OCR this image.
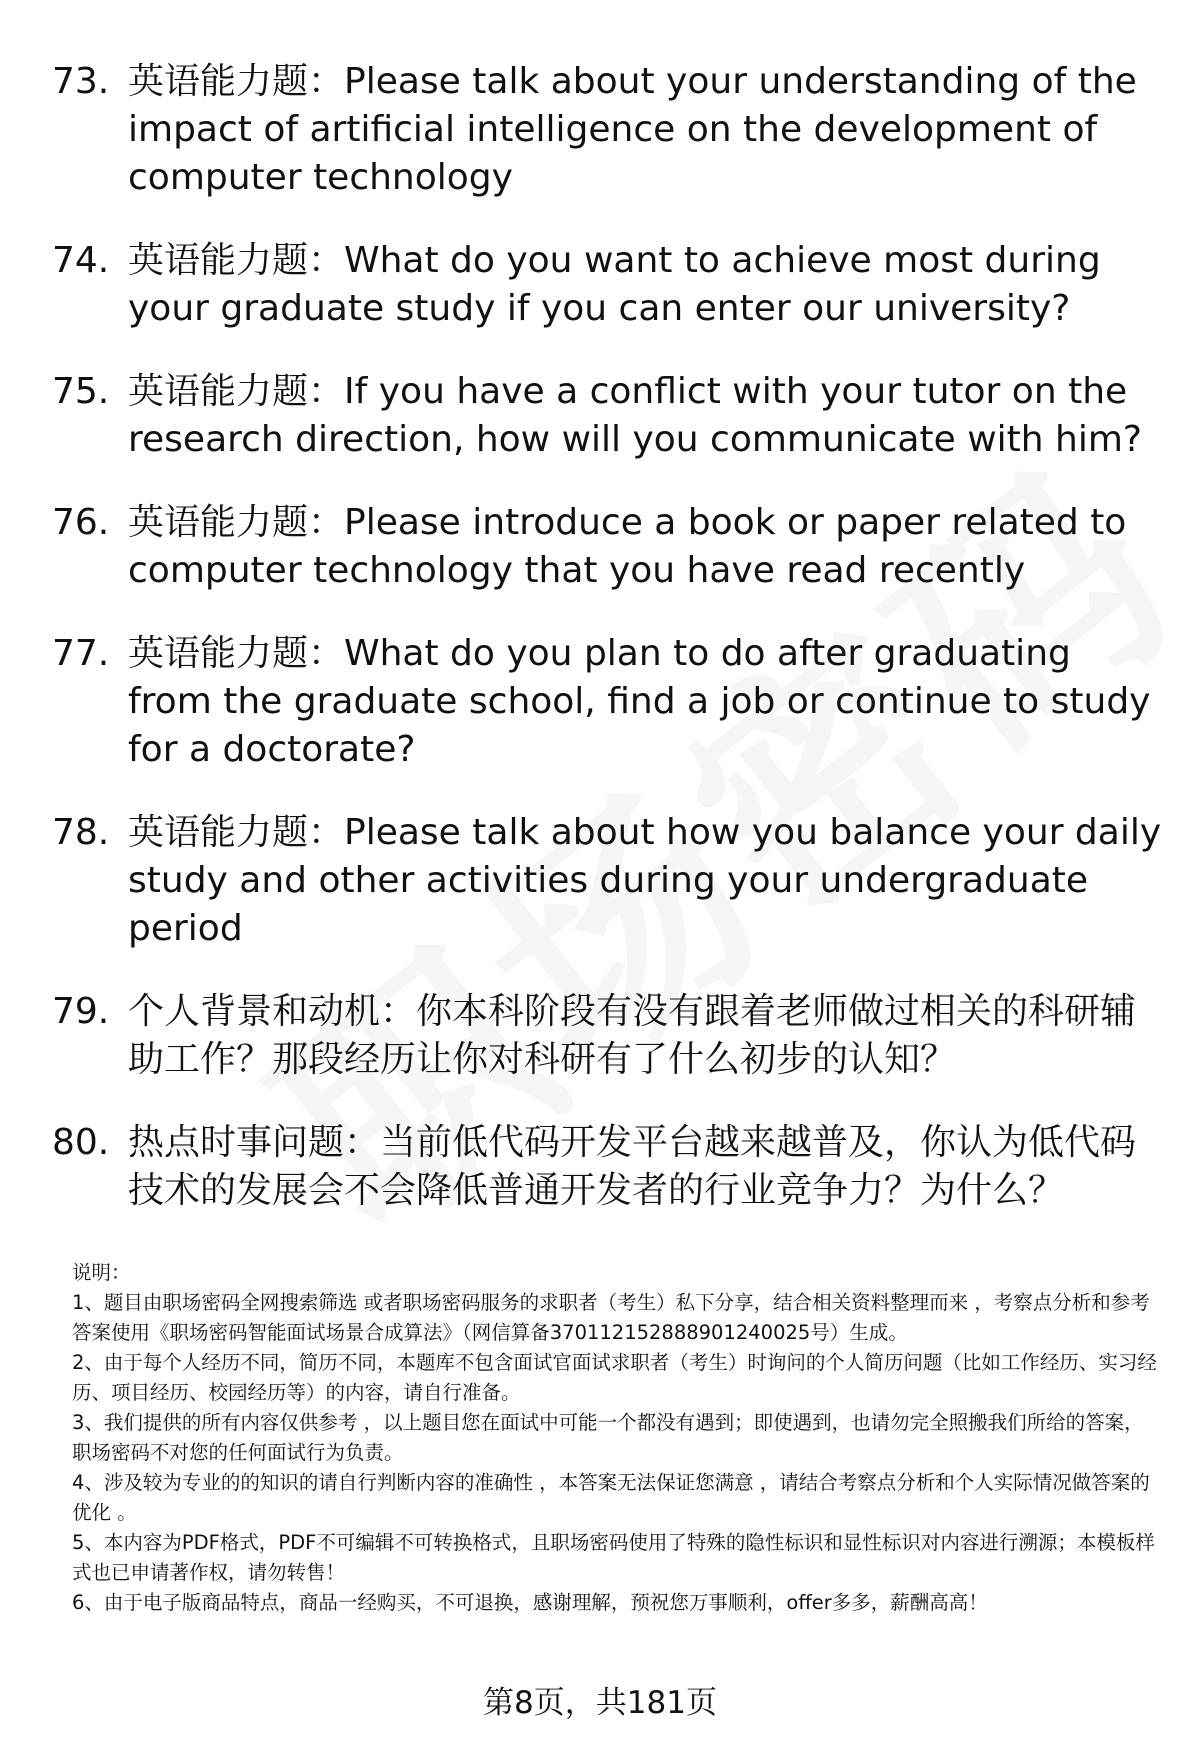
73. 英语能力题：Please talk about your understanding of the impact of artificial intelligence on the development of computer technology
74. 英语能力题：What do you want to achieve most during your graduate study if you can enter our university?
75. 英语能力题：If you have a conflict with your tutor on the research direction, how will you communicate with him?
76. 英语能力题：Please introduce a book or paper related to computer technology that you have read recently
77. 英语能力题：What do you plan to do after graduating from the graduate school, find a job or continue to study for a doctorate?
78. 英语能力题：Please talk about how you balance your daily study and other activities during your undergraduate period
79. 个人背景和动机：你本科阶段有没有跟着老师做过相关的科研辅助工作？那段经历让你对科研有了什么初步的认知？
80. 热点时事问题：当前低代码开发平台越来越普及，你认为低代码技术的发展会不会降低普通开发者的行业竞争力？为什么？

说明：

1、题目由职场密码全网搜索筛选 或者职场密码服务的求职者（考生）私下分享，结合相关资料整理而来 ，考察点分析和参考答案使用《职场密码智能面试场景合成算法》（网信算备370112152888901240025号）生成。

2、由于每个人经历不同，简历不同，本题库不包含面试官面试求职者（考生）时询问的个人简历问题（比如工作经历、实习经历、项目经历、校园经历等）的内容，请自行准备。

3、我们提供的所有内容仅供参考 ，以上题目您在面试中可能一个都没有遇到；即使遇到，也请勿完全照搬我们所给的答案，职场密码不对您的任何面试行为负责。

4、涉及较为专业的的知识的请自行判断内容的准确性 ，本答案无法保证您满意 ，请结合考察点分析和个人实际情况做答案的优化 。

5、本内容为PDF格式，PDF不可编辑不可转换格式，且职场密码使用了特殊的隐性标识和显性标识对内容进行溯源；本模板样式也已申请著作权，请勿转售！

6、由于电子版商品特点，商品一经购买，不可退换，感谢理解，预祝您万事顺利，offer多多，薪酬高高！

第8页，共181页
